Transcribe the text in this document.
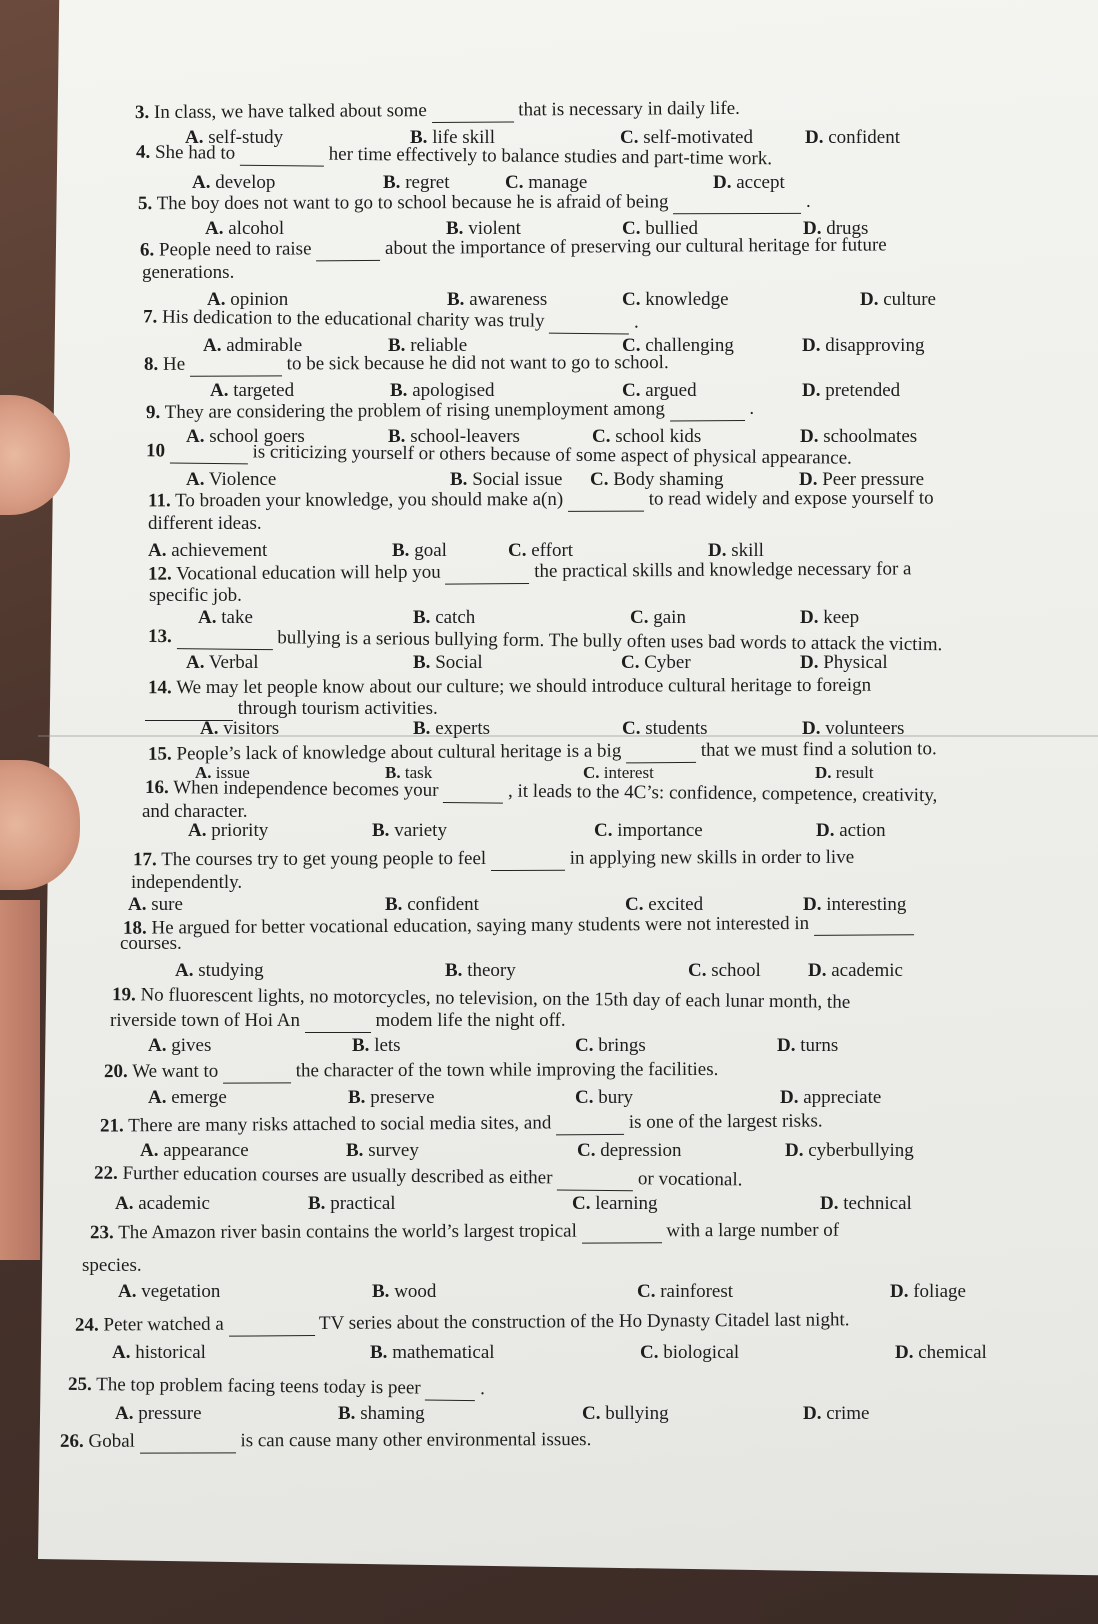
3. In class, we have talked about some	that is necessary in daily life.
A. self-study	B. life skill	C. self-motivated	D. confident
4. She had to	her time effectively to balance studies and part-time work.
A. develop	B. regret	C. manage	D. accept
5. The boy does not want to go to school because he is afraid of being	.
A. alcohol	B. violent	C. bullied	D. drugs
6. People need to raise	about the importance of preserving our cultural heritage for future
generations.
A. opinion	B. awareness	C. knowledge	D. culture
7. His dedication to the educational charity was truly	.
A. admirable	B. reliable	C. challenging	D. disapproving
8. He	to be sick because he did not want to go to school.
A. targeted	B. apologised	C. argued	D. pretended
9. They are considering the problem of rising unemployment among	.
A. school goers	B. school-leavers	C. school kids	D. schoolmates
10	is criticizing yourself or others because of some aspect of physical appearance.
A. Violence	B. Social issue C. Body shaming	D. Peer pressure
11. To broaden your knowledge, you should make a(n)	to read widely and expose yourself to
different ideas.
A. achievement	B. goal	C. effort	D. skill
12. Vocational education will help you	the practical skills and knowledge necessary for a
specific job.
A. take	B. catch	C. gain	D. keep
13.	bullying is a serious bullying form. The bully often uses bad words to attack the victim.
A. Verbal	B. Social	C. Cyber	D. Physical
14. We may let people know about our culture; we should introduce cultural heritage to foreign
through tourism activities.
A. visitors	B. experts	C. students	D. volunteers
15. People’s lack of knowledge about cultural heritage is a big	that we must find a solution to.
A. issue	B. task	C. interest	D. result
16. When independence becomes your	, it leads to the 4C’s: confidence, competence, creativity,
and character.
A. priority	B. variety	C. importance	D. action
17. The courses try to get young people to feel	in applying new skills in order to live
independently.
A. sure	B. confident	C. excited	D. interesting
18. He argued for better vocational education, saying many students were not interested in
courses.
A. studying	B. theory	C. school D. academic
19. No fluorescent lights, no motorcycles, no television, on the 15th day of each lunar month, the
riverside town of Hoi An	modem life the night off.
A. gives	B. lets	C. brings	D. turns
20. We want to	the character of the town while improving the facilities.
A. emerge	B. preserve	C. bury	D. appreciate
21. There are many risks attached to social media sites, and	is one of the largest risks.
A. appearance	B. survey	C. depression	D. cyberbullying
22. Further education courses are usually described as either	or vocational.
A. academic	B. practical	C. learning	D. technical
23. The Amazon river basin contains the world’s largest tropical	with a large number of
species.
A. vegetation	B. wood	C. rainforest	D. foliage
24. Peter watched a	TV series about the construction of the Ho Dynasty Citadel last night.
A. historical	B. mathematical	C. biological	D. chemical
25. The top problem facing teens today is peer	.
A. pressure	B. shaming	C. bullying	D. crime
26. Gobal	is can cause many other environmental issues.
